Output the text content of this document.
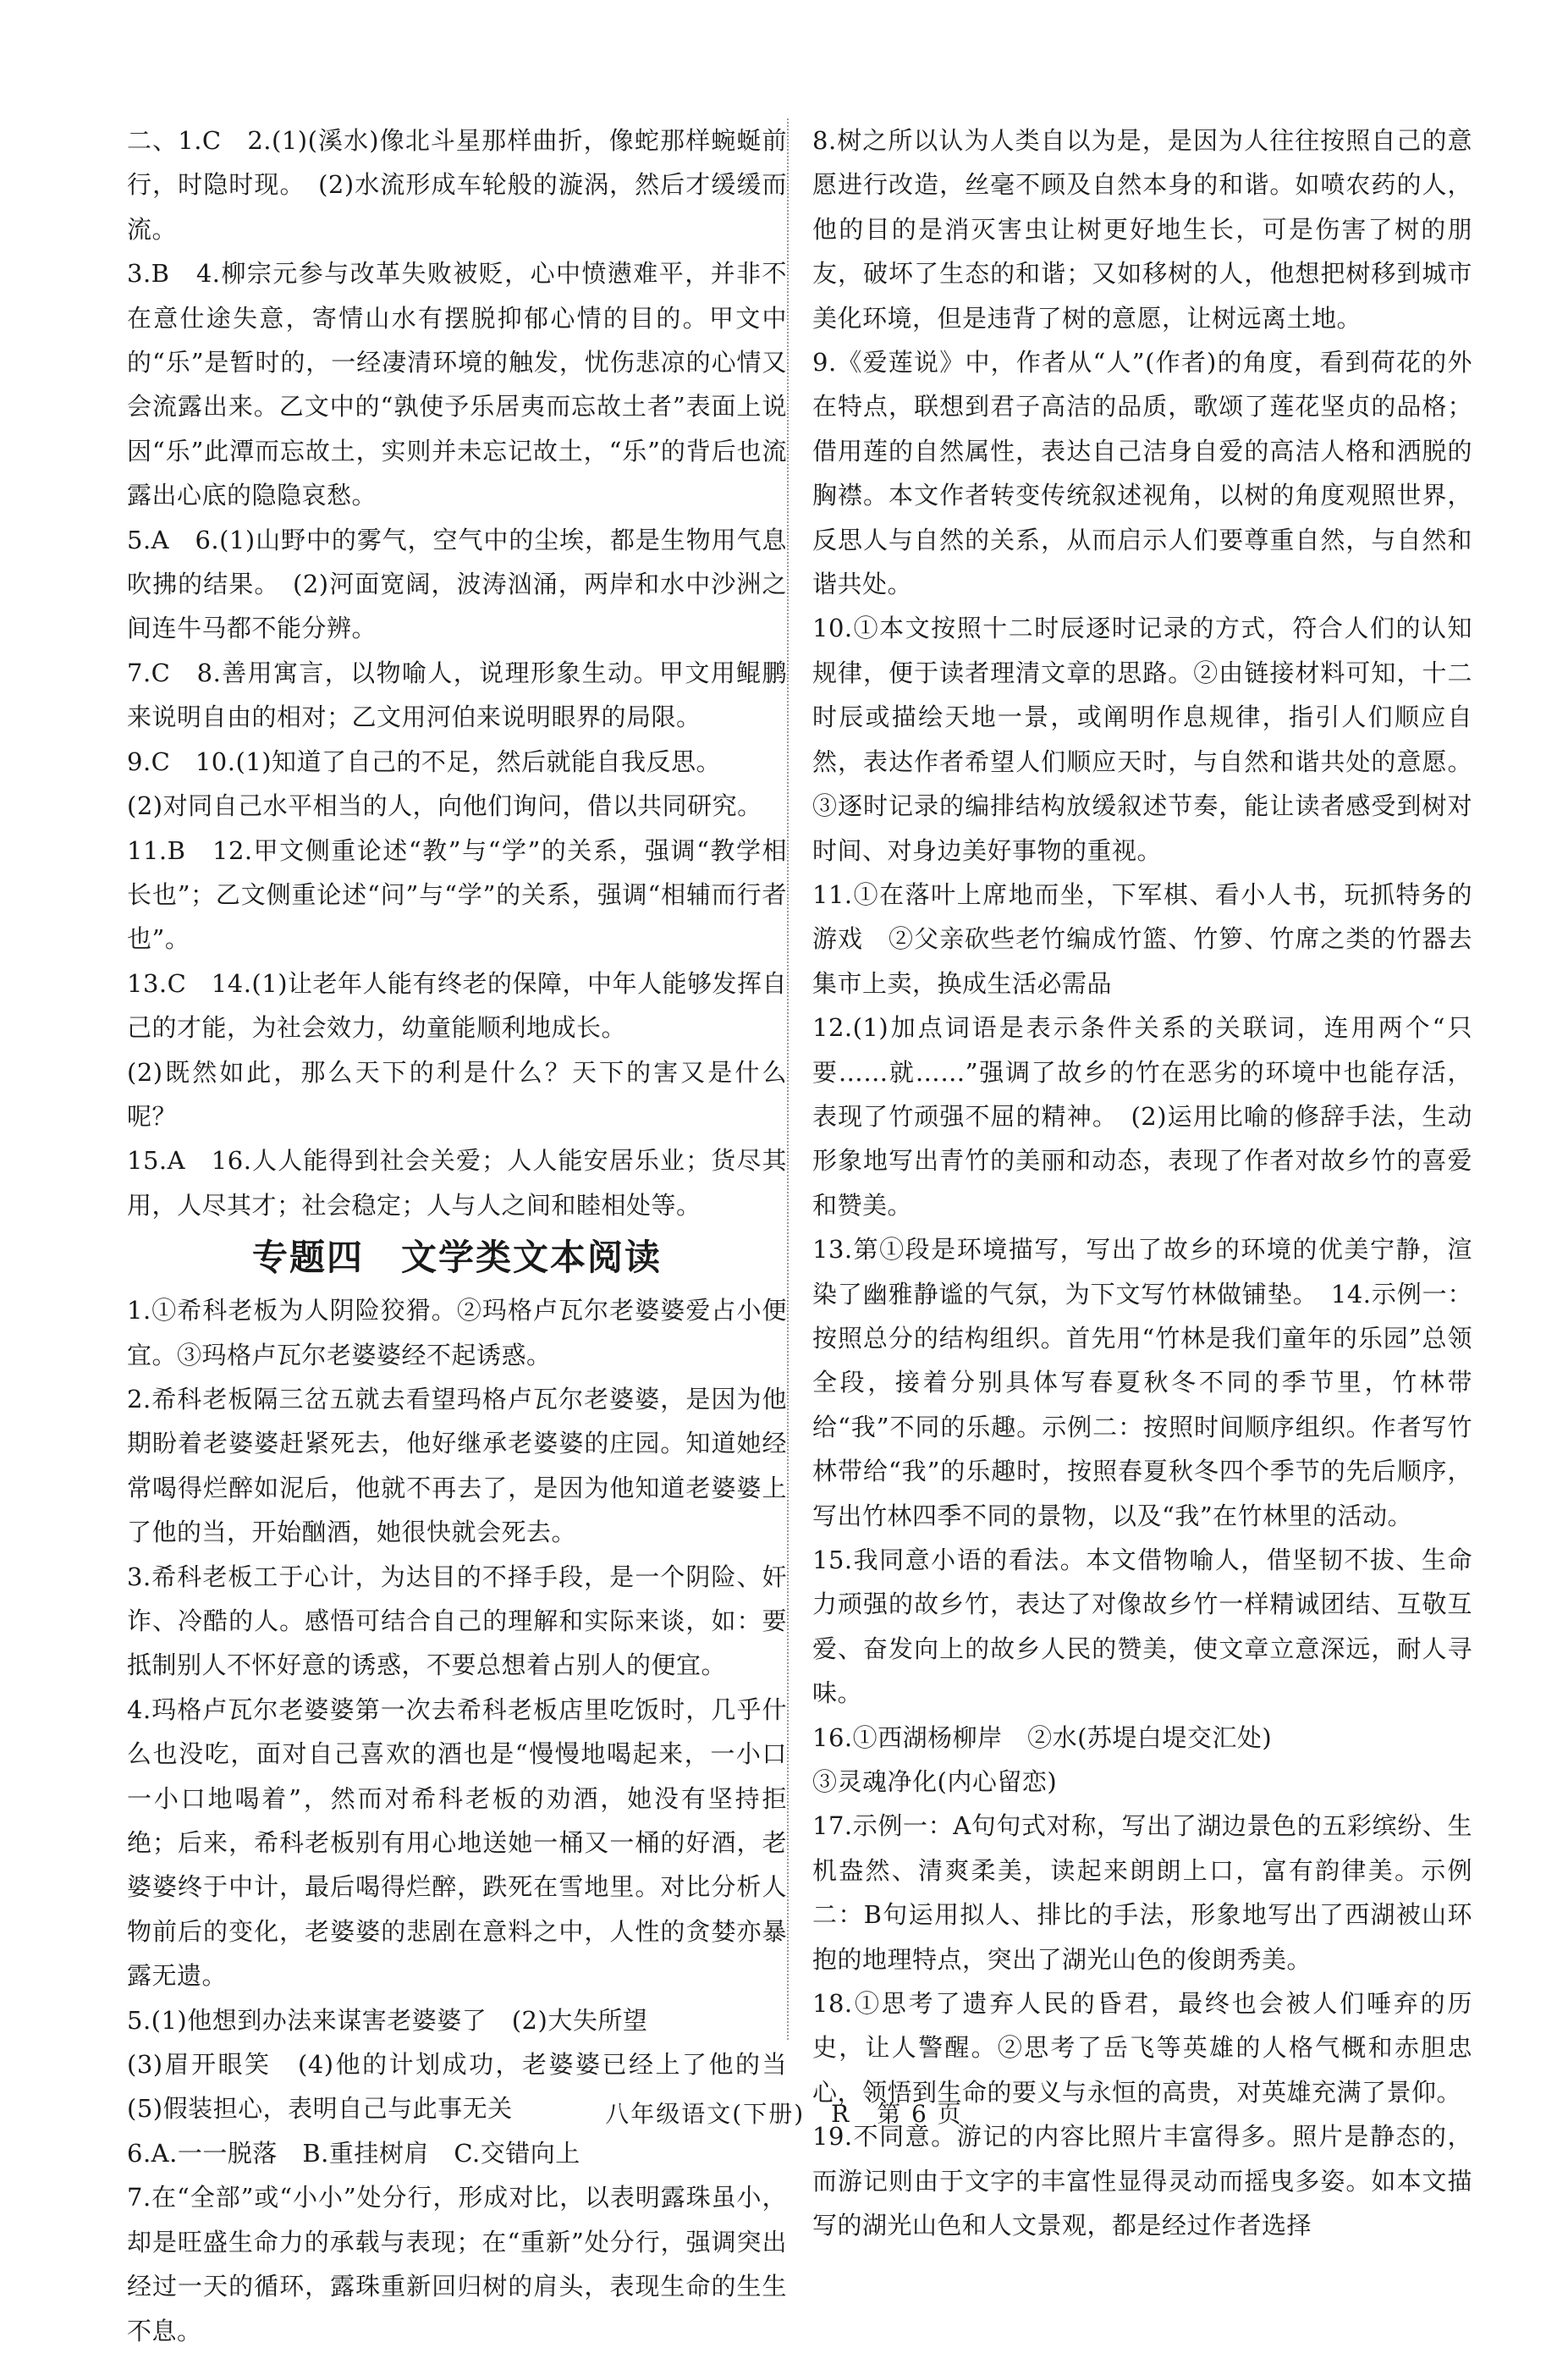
二、1.C　2.(1)(溪水)像北斗星那样曲折，像蛇那样蜿蜒前行，时隐时现。　(2)水流形成车轮般的漩涡，然后才缓缓而流。

3.B　4.柳宗元参与改革失败被贬，心中愤懑难平，并非不在意仕途失意，寄情山水有摆脱抑郁心情的目的。甲文中的“乐”是暂时的，一经凄清环境的触发，忧伤悲凉的心情又会流露出来。乙文中的“孰使予乐居夷而忘故土者”表面上说因“乐”此潭而忘故土，实则并未忘记故土，“乐”的背后也流露出心底的隐隐哀愁。

5.A　6.(1)山野中的雾气，空气中的尘埃，都是生物用气息吹拂的结果。　(2)河面宽阔，波涛汹涌，两岸和水中沙洲之间连牛马都不能分辨。

7.C　8.善用寓言，以物喻人，说理形象生动。甲文用鲲鹏来说明自由的相对；乙文用河伯来说明眼界的局限。

9.C　10.(1)知道了自己的不足，然后就能自我反思。

(2)对同自己水平相当的人，向他们询问，借以共同研究。

11.B　12.甲文侧重论述“教”与“学”的关系，强调“教学相长也”；乙文侧重论述“问”与“学”的关系，强调“相辅而行者也”。

13.C　14.(1)让老年人能有终老的保障，中年人能够发挥自己的才能，为社会效力，幼童能顺利地成长。

(2)既然如此，那么天下的利是什么？天下的害又是什么呢？

15.A　16.人人能得到社会关爱；人人能安居乐业；货尽其用，人尽其才；社会稳定；人与人之间和睦相处等。

专题四　文学类文本阅读

1.①希科老板为人阴险狡猾。②玛格卢瓦尔老婆婆爱占小便宜。③玛格卢瓦尔老婆婆经不起诱惑。

2.希科老板隔三岔五就去看望玛格卢瓦尔老婆婆，是因为他期盼着老婆婆赶紧死去，他好继承老婆婆的庄园。知道她经常喝得烂醉如泥后，他就不再去了，是因为他知道老婆婆上了他的当，开始酗酒，她很快就会死去。

3.希科老板工于心计，为达目的不择手段，是一个阴险、奸诈、冷酷的人。感悟可结合自己的理解和实际来谈，如：要抵制别人不怀好意的诱惑，不要总想着占别人的便宜。

4.玛格卢瓦尔老婆婆第一次去希科老板店里吃饭时，几乎什么也没吃，面对自己喜欢的酒也是“慢慢地喝起来，一小口一小口地喝着”，然而对希科老板的劝酒，她没有坚持拒绝；后来，希科老板别有用心地送她一桶又一桶的好酒，老婆婆终于中计，最后喝得烂醉，跌死在雪地里。对比分析人物前后的变化，老婆婆的悲剧在意料之中，人性的贪婪亦暴露无遗。

5.(1)他想到办法来谋害老婆婆了　(2)大失所望

(3)眉开眼笑　(4)他的计划成功，老婆婆已经上了他的当　(5)假装担心，表明自己与此事无关

6.A.一一脱落　B.重挂树肩　C.交错向上

7.在“全部”或“小小”处分行，形成对比，以表明露珠虽小，却是旺盛生命力的承载与表现；在“重新”处分行，强调突出经过一天的循环，露珠重新回归树的肩头，表现生命的生生不息。

8.树之所以认为人类自以为是，是因为人往往按照自己的意愿进行改造，丝毫不顾及自然本身的和谐。如喷农药的人，他的目的是消灭害虫让树更好地生长，可是伤害了树的朋友，破坏了生态的和谐；又如移树的人，他想把树移到城市美化环境，但是违背了树的意愿，让树远离土地。

9.《爱莲说》中，作者从“人”(作者)的角度，看到荷花的外在特点，联想到君子高洁的品质，歌颂了莲花坚贞的品格；借用莲的自然属性，表达自己洁身自爱的高洁人格和洒脱的胸襟。本文作者转变传统叙述视角，以树的角度观照世界，反思人与自然的关系，从而启示人们要尊重自然，与自然和谐共处。

10.①本文按照十二时辰逐时记录的方式，符合人们的认知规律，便于读者理清文章的思路。②由链接材料可知，十二时辰或描绘天地一景，或阐明作息规律，指引人们顺应自然，表达作者希望人们顺应天时，与自然和谐共处的意愿。③逐时记录的编排结构放缓叙述节奏，能让读者感受到树对时间、对身边美好事物的重视。

11.①在落叶上席地而坐，下军棋、看小人书，玩抓特务的游戏　②父亲砍些老竹编成竹篮、竹箩、竹席之类的竹器去集市上卖，换成生活必需品

12.(1)加点词语是表示条件关系的关联词，连用两个“只要……就……”强调了故乡的竹在恶劣的环境中也能存活，表现了竹顽强不屈的精神。　(2)运用比喻的修辞手法，生动形象地写出青竹的美丽和动态，表现了作者对故乡竹的喜爱和赞美。

13.第①段是环境描写，写出了故乡的环境的优美宁静，渲染了幽雅静谧的气氛，为下文写竹林做铺垫。　14.示例一：按照总分的结构组织。首先用“竹林是我们童年的乐园”总领全段，接着分别具体写春夏秋冬不同的季节里，竹林带给“我”不同的乐趣。示例二：按照时间顺序组织。作者写竹林带给“我”的乐趣时，按照春夏秋冬四个季节的先后顺序，写出竹林四季不同的景物，以及“我”在竹林里的活动。

15.我同意小语的看法。本文借物喻人，借坚韧不拔、生命力顽强的故乡竹，表达了对像故乡竹一样精诚团结、互敬互爱、奋发向上的故乡人民的赞美，使文章立意深远，耐人寻味。

16.①西湖杨柳岸　②水(苏堤白堤交汇处)

③灵魂净化(内心留恋)

17.示例一：A句句式对称，写出了湖边景色的五彩缤纷、生机盎然、清爽柔美，读起来朗朗上口，富有韵律美。示例二：B句运用拟人、排比的手法，形象地写出了西湖被山环抱的地理特点，突出了湖光山色的俊朗秀美。

18.①思考了遗弃人民的昏君，最终也会被人们唾弃的历史，让人警醒。②思考了岳飞等英雄的人格气概和赤胆忠心，领悟到生命的要义与永恒的高贵，对英雄充满了景仰。

19.不同意。游记的内容比照片丰富得多。照片是静态的，而游记则由于文字的丰富性显得灵动而摇曳多姿。如本文描写的湖光山色和人文景观，都是经过作者选择

八年级语文(下册) R 第 6 页
